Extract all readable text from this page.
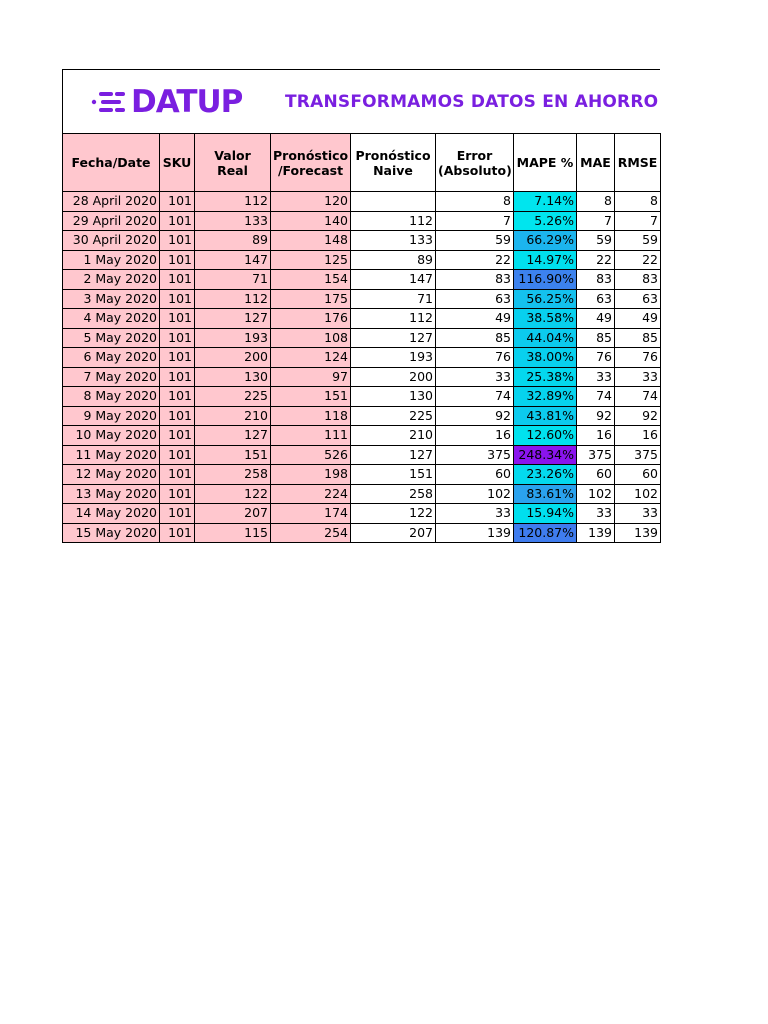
DATUP	TRANSFORMAMOS DATOS EN AHORRO
Fecha/Date	SKU	Valor Real	Pronóstico /Forecast	Pronóstico Naive	Error (Absoluto)	MAPE %	MAE	RMSE
28 April 2020	101	112	120		8	7.14%	8	8
29 April 2020	101	133	140	112	7	5.26%	7	7
30 April 2020	101	89	148	133	59	66.29%	59	59
1 May 2020	101	147	125	89	22	14.97%	22	22
2 May 2020	101	71	154	147	83	116.90%	83	83
3 May 2020	101	112	175	71	63	56.25%	63	63
4 May 2020	101	127	176	112	49	38.58%	49	49
5 May 2020	101	193	108	127	85	44.04%	85	85
6 May 2020	101	200	124	193	76	38.00%	76	76
7 May 2020	101	130	97	200	33	25.38%	33	33
8 May 2020	101	225	151	130	74	32.89%	74	74
9 May 2020	101	210	118	225	92	43.81%	92	92
10 May 2020	101	127	111	210	16	12.60%	16	16
11 May 2020	101	151	526	127	375	248.34%	375	375
12 May 2020	101	258	198	151	60	23.26%	60	60
13 May 2020	101	122	224	258	102	83.61%	102	102
14 May 2020	101	207	174	122	33	15.94%	33	33
15 May 2020	101	115	254	207	139	120.87%	139	139
